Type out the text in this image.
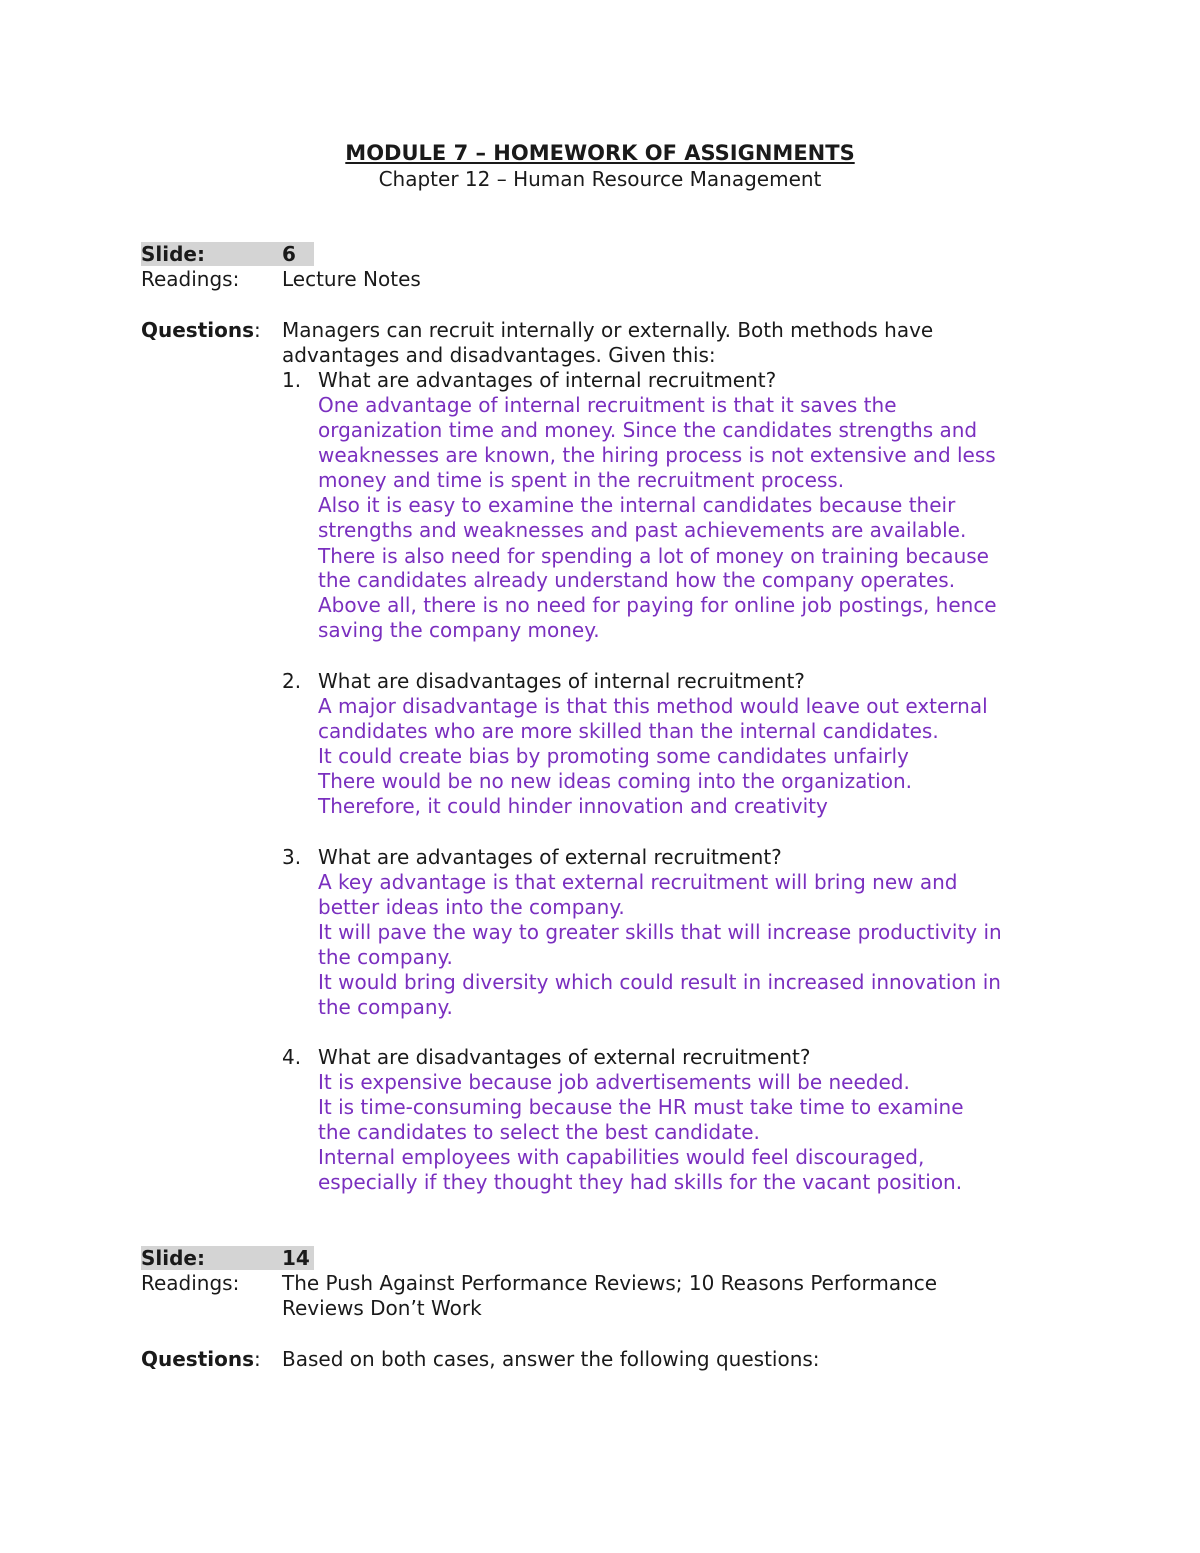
MODULE 7 – HOMEWORK OF ASSIGNMENTS
Chapter 12 – Human Resource Management
Slide:	6
Readings: Lecture Notes
Questions: Managers can recruit internally or externally. Both methods have
advantages and disadvantages. Given this:
1. What are advantages of internal recruitment?
One advantage of internal recruitment is that it saves the
organization time and money. Since the candidates strengths and
weaknesses are known, the hiring process is not extensive and less
money and time is spent in the recruitment process.
Also it is easy to examine the internal candidates because their
strengths and weaknesses and past achievements are available.
There is also need for spending a lot of money on training because
the candidates already understand how the company operates.
Above all, there is no need for paying for online job postings, hence
saving the company money.
2. What are disadvantages of internal recruitment?
A major disadvantage is that this method would leave out external
candidates who are more skilled than the internal candidates.
It could create bias by promoting some candidates unfairly
There would be no new ideas coming into the organization.
Therefore, it could hinder innovation and creativity
3. What are advantages of external recruitment?
A key advantage is that external recruitment will bring new and
better ideas into the company.
It will pave the way to greater skills that will increase productivity in
the company.
It would bring diversity which could result in increased innovation in
the company.
4. What are disadvantages of external recruitment?
It is expensive because job advertisements will be needed.
It is time-consuming because the HR must take time to examine
the candidates to select the best candidate.
Internal employees with capabilities would feel discouraged,
especially if they thought they had skills for the vacant position.
Slide:	14
Readings: The Push Against Performance Reviews; 10 Reasons Performance
Reviews Don’t Work
Questions: Based on both cases, answer the following questions:
